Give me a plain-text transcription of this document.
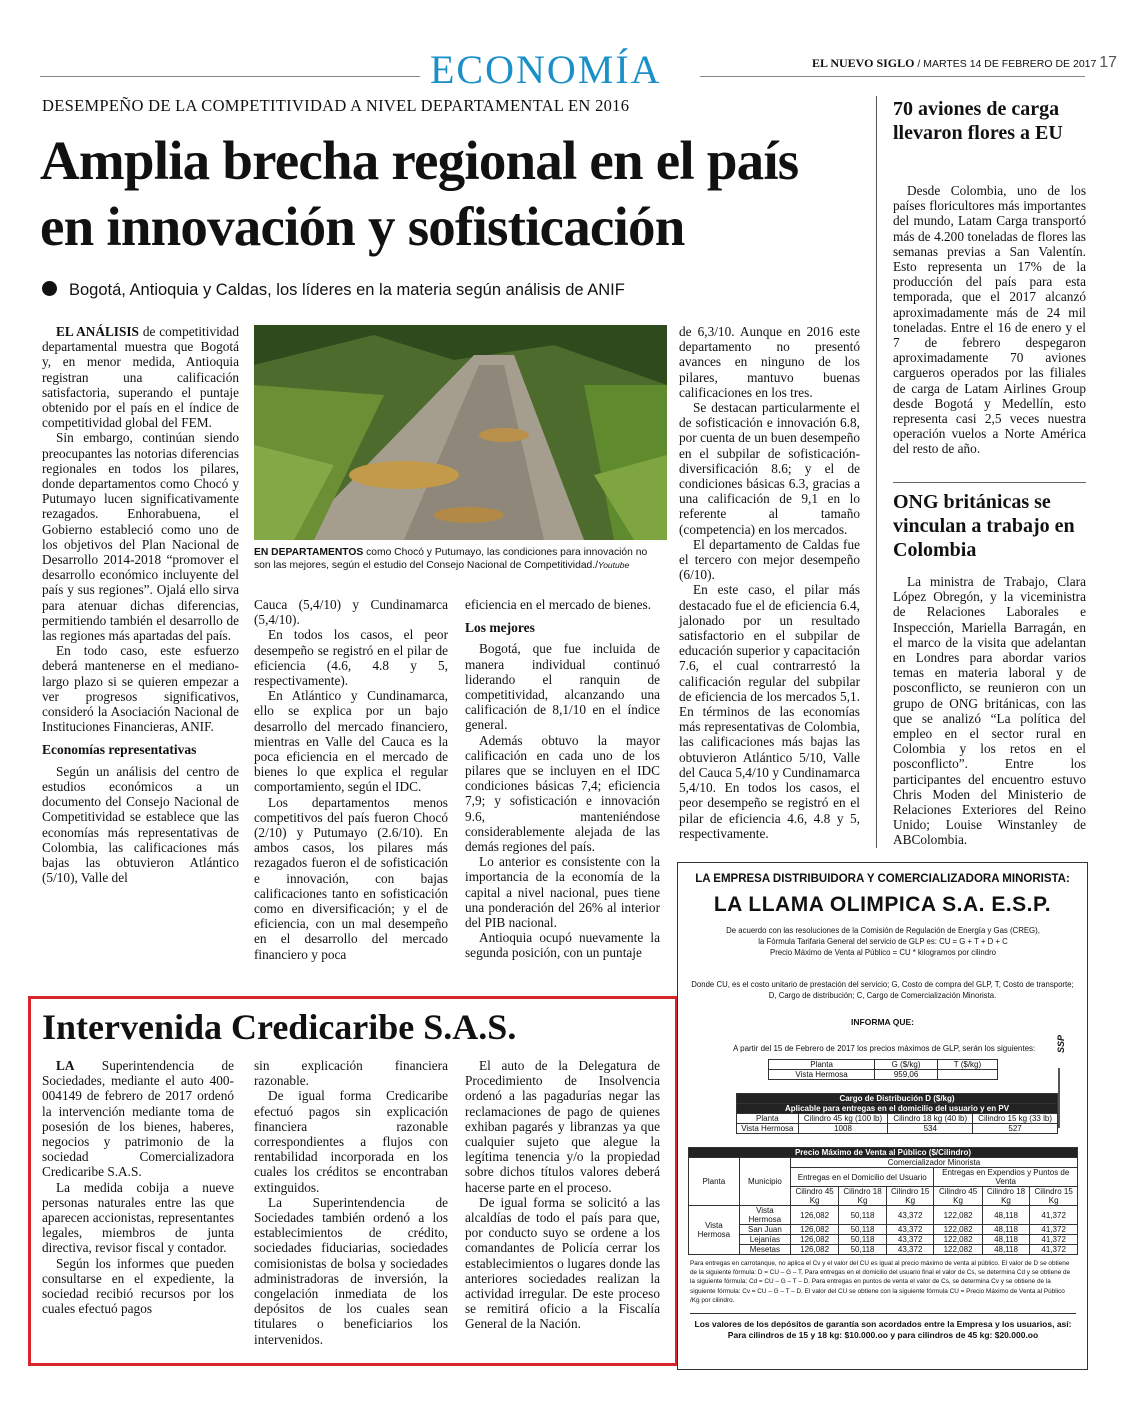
ECONOMÍA	EL NUEVO SIGLO / MARTES 14 DE FEBRERO DE 2017 17
DESEMPEÑO DE LA COMPETITIVIDAD A NIVEL DEPARTAMENTAL EN 2016
Amplia brecha regional en el país
en innovación y sofisticación
Bogotá, Antioquia y Caldas, los líderes en la materia según análisis de ANIF

EL ANÁLISIS de competitividad departamental muestra que Bogotá y, en menor medida, Antioquia registran una calificación satisfactoria, superando el puntaje obtenido por el país en el índice de competitividad global del FEM.

Sin embargo, continúan siendo preocupantes las notorias diferencias regionales en todos los pilares, donde departamentos como Chocó y Putumayo lucen significativamente rezagados. Enhorabuena, el Gobierno estableció como uno de los objetivos del Plan Nacional de Desarrollo 2014-2018 “promover el desarrollo económico incluyente del país y sus regiones”. Ojalá ello sirva para atenuar dichas diferencias, permitiendo también el desarrollo de las regiones más apartadas del país.

En todo caso, este esfuerzo deberá mantenerse en el mediano-largo plazo si se quieren empezar a ver progresos significativos, consideró la Asociación Nacional de Instituciones Financieras, ANIF.

Economías representativas

Según un análisis del centro de estudios económicos a un documento del Consejo Nacional de Competitividad se establece que las economías más representativas de Colombia, las calificaciones más bajas las obtuvieron Atlántico (5/10), Valle del

EN DEPARTAMENTOS como Chocó y Putumayo, las condiciones para innovación no son las mejores, según el estudio del Consejo Nacional de Competitividad./Youtube

Cauca (5,4/10) y Cundinamarca (5,4/10).

En todos los casos, el peor desempeño se registró en el pilar de eficiencia (4.6, 4.8 y 5, respectivamente).

En Atlántico y Cundinamarca, ello se explica por un bajo desarrollo del mercado financiero, mientras en Valle del Cauca es la poca eficiencia en el mercado de bienes lo que explica el regular comportamiento, según el IDC.

Los departamentos menos competitivos del país fueron Chocó (2/10) y Putumayo (2.6/10). En ambos casos, los pilares más rezagados fueron el de sofisticación e innovación, con bajas calificaciones tanto en sofisticación como en diversificación; y el de eficiencia, con un mal desempeño en el desarrollo del mercado financiero y poca

eficiencia en el mercado de bienes.

Los mejores

Bogotá, que fue incluida de manera individual continuó liderando el ranquin de competitividad, alcanzando una calificación de 8,1/10 en el índice general.

Además obtuvo la mayor calificación en cada uno de los pilares que se incluyen en el IDC condiciones básicas 7,4; eficiencia 7,9; y sofisticación e innovación 9.6, manteniéndose considerablemente alejada de las demás regiones del país.

Lo anterior es consistente con la importancia de la economía de la capital a nivel nacional, pues tiene una ponderación del 26% al interior del PIB nacional.

Antioquia ocupó nuevamente la segunda posición, con un puntaje

de 6,3/10. Aunque en 2016 este departamento no presentó avances en ninguno de los pilares, mantuvo buenas calificaciones en los tres.

Se destacan particularmente el de sofisticación e innovación 6.8, por cuenta de un buen desempeño en el subpilar de sofisticación-diversificación 8.6; y el de condiciones básicas 6.3, gracias a una calificación de 9,1 en lo referente al tamaño (competencia) en los mercados.

El departamento de Caldas fue el tercero con mejor desempeño (6/10).

En este caso, el pilar más destacado fue el de eficiencia 6.4, jalonado por un resultado satisfactorio en el subpilar de educación superior y capacitación 7.6, el cual contrarrestó la calificación regular del subpilar de eficiencia de los mercados 5,1. En términos de las economías más representativas de Colombia, las calificaciones más bajas las obtuvieron Atlántico 5/10, Valle del Cauca 5,4/10 y Cundinamarca 5,4/10. En todos los casos, el peor desempeño se registró en el pilar de eficiencia 4.6, 4.8 y 5, respectivamente.

70 aviones de carga llevaron flores a EU

Desde Colombia, uno de los países floricultores más importantes del mundo, Latam Carga transportó más de 4.200 toneladas de flores las semanas previas a San Valentín. Esto representa un 17% de la producción del país para esta temporada, que el 2017 alcanzó aproximadamente más de 24 mil toneladas. Entre el 16 de enero y el 7 de febrero despegaron aproximadamente 70 aviones cargueros operados por las filiales de carga de Latam Airlines Group desde Bogotá y Medellín, esto representa casi 2,5 veces nuestra operación vuelos a Norte América del resto de año.

ONG británicas se vinculan a trabajo en Colombia

La ministra de Trabajo, Clara López Obregón, y la viceministra de Relaciones Laborales e Inspección, Mariella Barragán, en el marco de la visita que adelantan en Londres para abordar varios temas en materia laboral y de posconflicto, se reunieron con un grupo de ONG británicas, con las que se analizó “La política del empleo en el sector rural en Colombia y los retos en el posconflicto”. Entre los participantes del encuentro estuvo Chris Moden del Ministerio de Relaciones Exteriores del Reino Unido; Louise Winstanley de ABColombia.

Intervenida Credicaribe S.A.S.

LA Superintendencia de Sociedades, mediante el auto 400-004149 de febrero de 2017 ordenó la intervención mediante toma de posesión de los bienes, haberes, negocios y patrimonio de la sociedad Comercializadora Credicaribe S.A.S.

La medida cobija a nueve personas naturales entre las que aparecen accionistas, representantes legales, miembros de junta directiva, revisor fiscal y contador.

Según los informes que pueden consultarse en el expediente, la sociedad recibió recursos por los cuales efectuó pagos

sin explicación financiera razonable.

De igual forma Credicaribe efectuó pagos sin explicación financiera razonable correspondientes a flujos con rentabilidad incorporada en los cuales los créditos se encontraban extinguidos.

La Superintendencia de Sociedades también ordenó a los establecimientos de crédito, sociedades fiduciarias, sociedades comisionistas de bolsa y sociedades administradoras de inversión, la congelación inmediata de los depósitos de los cuales sean titulares o beneficiarios los intervenidos.

El auto de la Delegatura de Procedimiento de Insolvencia ordenó a las pagadurías negar las reclamaciones de pago de quienes exhiban pagarés y libranzas ya que cualquier sujeto que alegue la legítima tenencia y/o la propiedad sobre dichos títulos valores deberá hacerse parte en el proceso.

De igual forma se solicitó a las alcaldías de todo el país para que, por conducto suyo se ordene a los comandantes de Policía cerrar los establecimientos o lugares donde las anteriores sociedades realizan la actividad irregular. De este proceso se remitirá oficio a la Fiscalía General de la Nación.

LA EMPRESA DISTRIBUIDORA Y COMERCIALIZADORA MINORISTA:
LA LLAMA OLIMPICA S.A. E.S.P.
De acuerdo con las resoluciones de la Comisión de Regulación de Energía y Gas (CREG),
la Fórmula Tarifaria General del servicio de GLP es: CU = G + T + D + C
Precio Máximo de Venta al Público = CU * kilogramos por cilindro
Donde CU, es el costo unitario de prestación del servicio; G, Costo de compra del GLP, T, Costo de transporte; D, Cargo de distribución; C, Cargo de Comercialización Minorista.
INFORMA QUE:
A partir del 15 de Febrero de 2017 los precios máximos de GLP, serán los siguientes:	SSP
Planta	G ($/kg)	T ($/kg)
Vista Hermosa	959,06	
Cargo de Distribución D ($/kg)			
Aplicable para entregas en el domicilio del usuario y en PV			
Planta	Cilindro 45 kg (100 lb)	Cilindro 18 kg (40 lb)	Cilindro 15 kg (33 lb)
Vista Hermosa	1008	534	527
Precio Máximo de Venta al Público ($/Cilindro)							
Planta	Municipio	Comercializador Minorista					
		Entregas en el Domicilio del Usuario			Entregas en Expendios y Puntos de Venta		
		Cilindro 45 Kg	Cilindro 18 Kg	Cilindro 15 Kg	Cilindro 45 Kg	Cilindro 18 Kg	Cilindro 15 Kg
Vista Hermosa	Vista Hermosa	126,082	50,118	43,372	122,082	48,118	41,372
	San Juan	126,082	50,118	43,372	122,082	48,118	41,372
	Lejanías	126,082	50,118	43,372	122,082	48,118	41,372
	Mesetas	126,082	50,118	43,372	122,082	48,118	41,372
Para entregas en carrotanque, no aplica el Cv y el valor del CU es igual al precio máximo de venta al público. El valor de D se obtiene de la siguiente fórmula: D = CU – G – T. Para entregas en el domicilio del usuario final el valor de Cs, se determina Cd y se obtiene de la siguiente fórmula: Cd = CU – G – T – D. Para entregas en puntos de venta el valor de Cs, se determina Cv y se obtiene de la siguiente fórmula: Cv = CU – G – T – D. El valor del CU se obtiene con la siguiente fórmula CU = Precio Máximo de Venta al Público /Kg por cilindro.
Los valores de los depósitos de garantía son acordados entre la Empresa y los usuarios, así: Para cilindros de 15 y 18 kg: $10.000.oo y para cilindros de 45 kg: $20.000.oo
